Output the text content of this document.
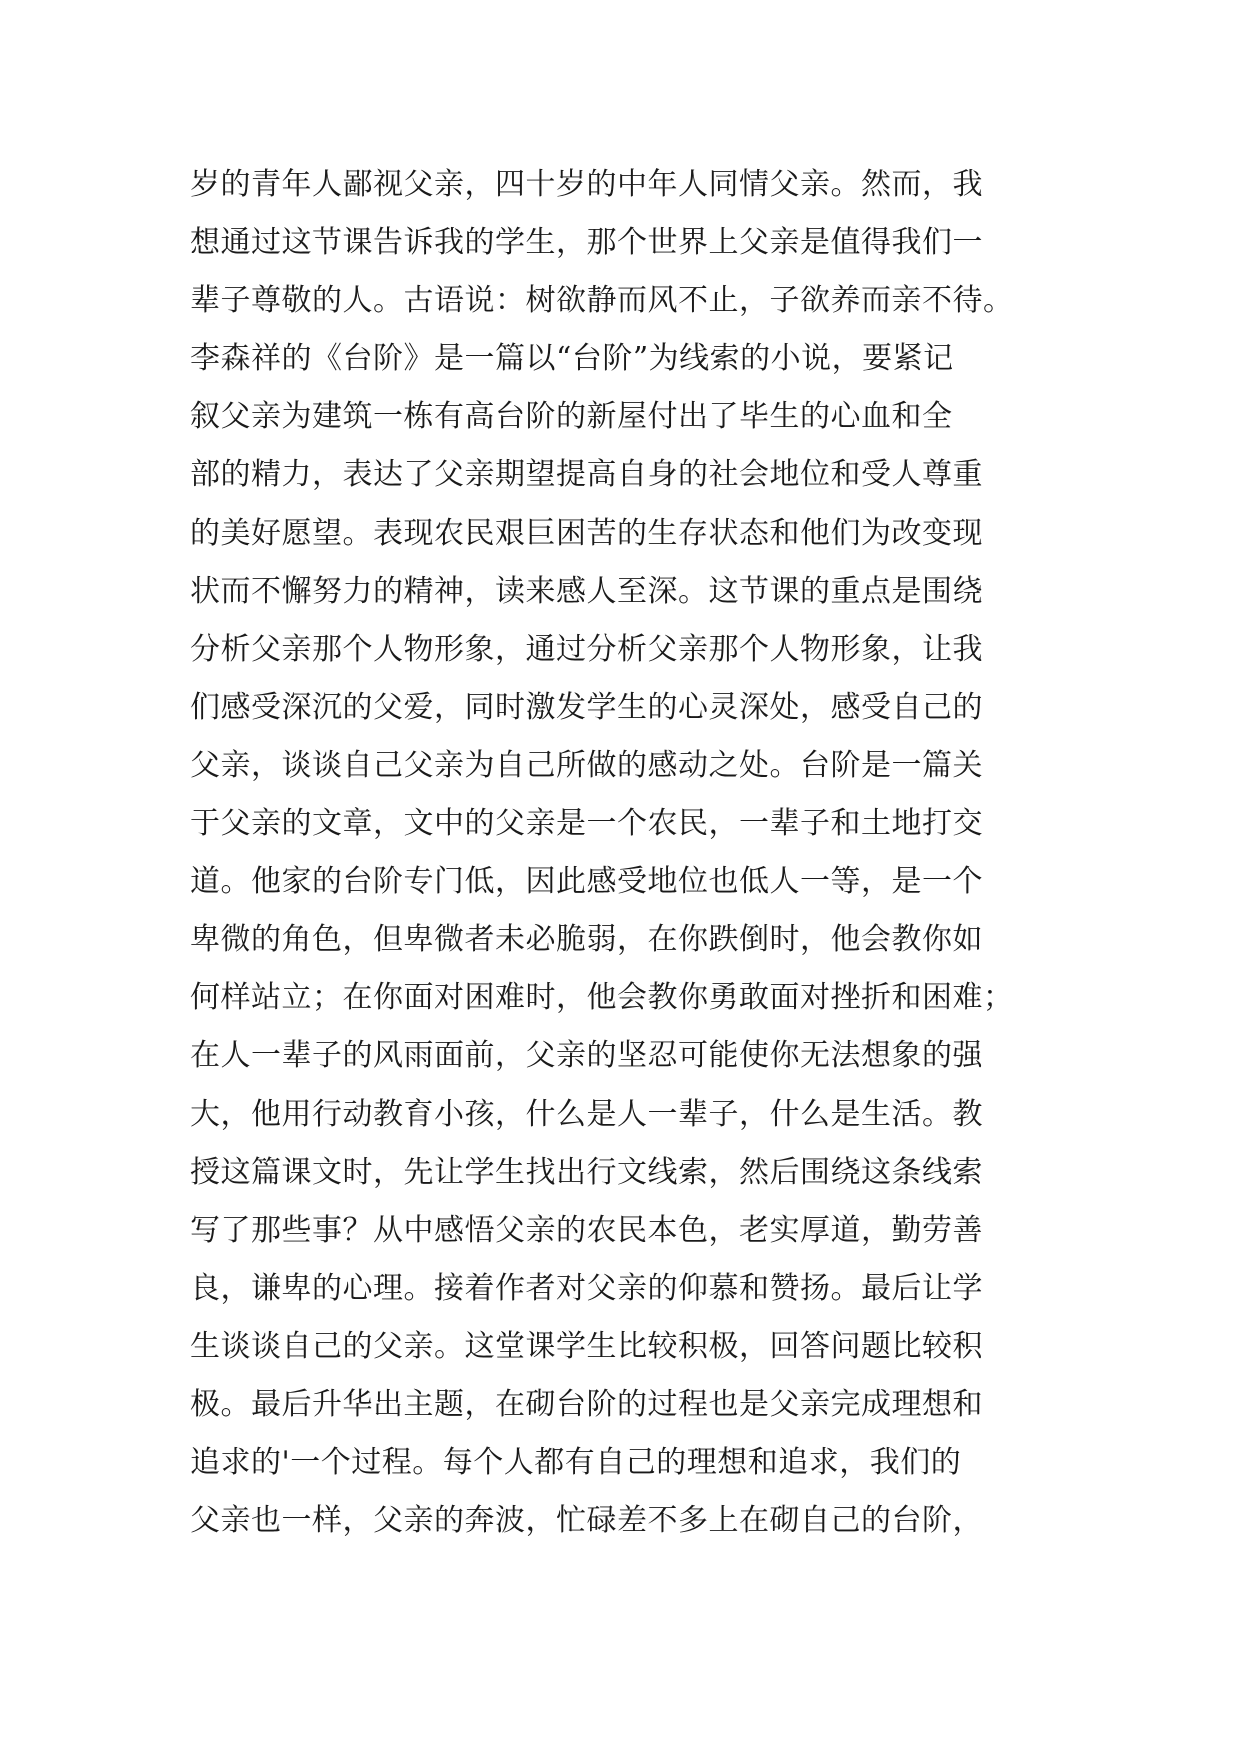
岁的青年人鄙视父亲，四十岁的中年人同情父亲。然而，我
想通过这节课告诉我的学生，那个世界上父亲是值得我们一
辈子尊敬的人。古语说：树欲静而风不止，子欲养而亲不待。
李森祥的《台阶》是一篇以“台阶”为线索的小说，要紧记
叙父亲为建筑一栋有高台阶的新屋付出了毕生的心血和全
部的精力，表达了父亲期望提高自身的社会地位和受人尊重
的美好愿望。表现农民艰巨困苦的生存状态和他们为改变现
状而不懈努力的精神，读来感人至深。这节课的重点是围绕
分析父亲那个人物形象，通过分析父亲那个人物形象，让我
们感受深沉的父爱，同时激发学生的心灵深处，感受自己的
父亲，谈谈自己父亲为自己所做的感动之处。台阶是一篇关
于父亲的文章，文中的父亲是一个农民，一辈子和土地打交
道。他家的台阶专门低，因此感受地位也低人一等，是一个
卑微的角色，但卑微者未必脆弱，在你跌倒时，他会教你如
何样站立；在你面对困难时，他会教你勇敢面对挫折和困难；
在人一辈子的风雨面前，父亲的坚忍可能使你无法想象的强
大，他用行动教育小孩，什么是人一辈子，什么是生活。教
授这篇课文时，先让学生找出行文线索，然后围绕这条线索
写了那些事？从中感悟父亲的农民本色，老实厚道，勤劳善
良，谦卑的心理。接着作者对父亲的仰慕和赞扬。最后让学
生谈谈自己的父亲。这堂课学生比较积极，回答问题比较积
极。最后升华出主题，在砌台阶的过程也是父亲完成理想和
追求的'一个过程。每个人都有自己的理想和追求，我们的
父亲也一样，父亲的奔波，忙碌差不多上在砌自己的台阶，
